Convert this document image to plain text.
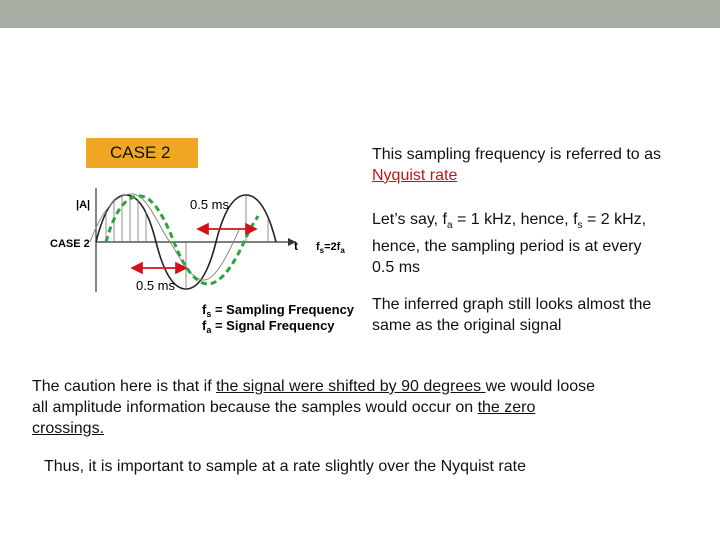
CASE 2	This sampling frequency is referred to as
Nyquist rate
Let’s say, $f_a = 1$ kHz, hence, $f_s = 2$ kHz,
hence, the sampling period is at every
0.5 ms
The inferred graph still looks almost the
same as the original signal
The caution here is that if the signal were shifted by 90 degrees we would loose
all amplitude information because the samples would occur on the zero
crossings.
Thus, it is important to sample at a rate slightly over the Nyquist rate
|A|
CASE 2	t $f_s=2f_a$
0.5 ms
0.5 ms
$f_s$ = Sampling Frequency
$f_a$ = Signal Frequency
